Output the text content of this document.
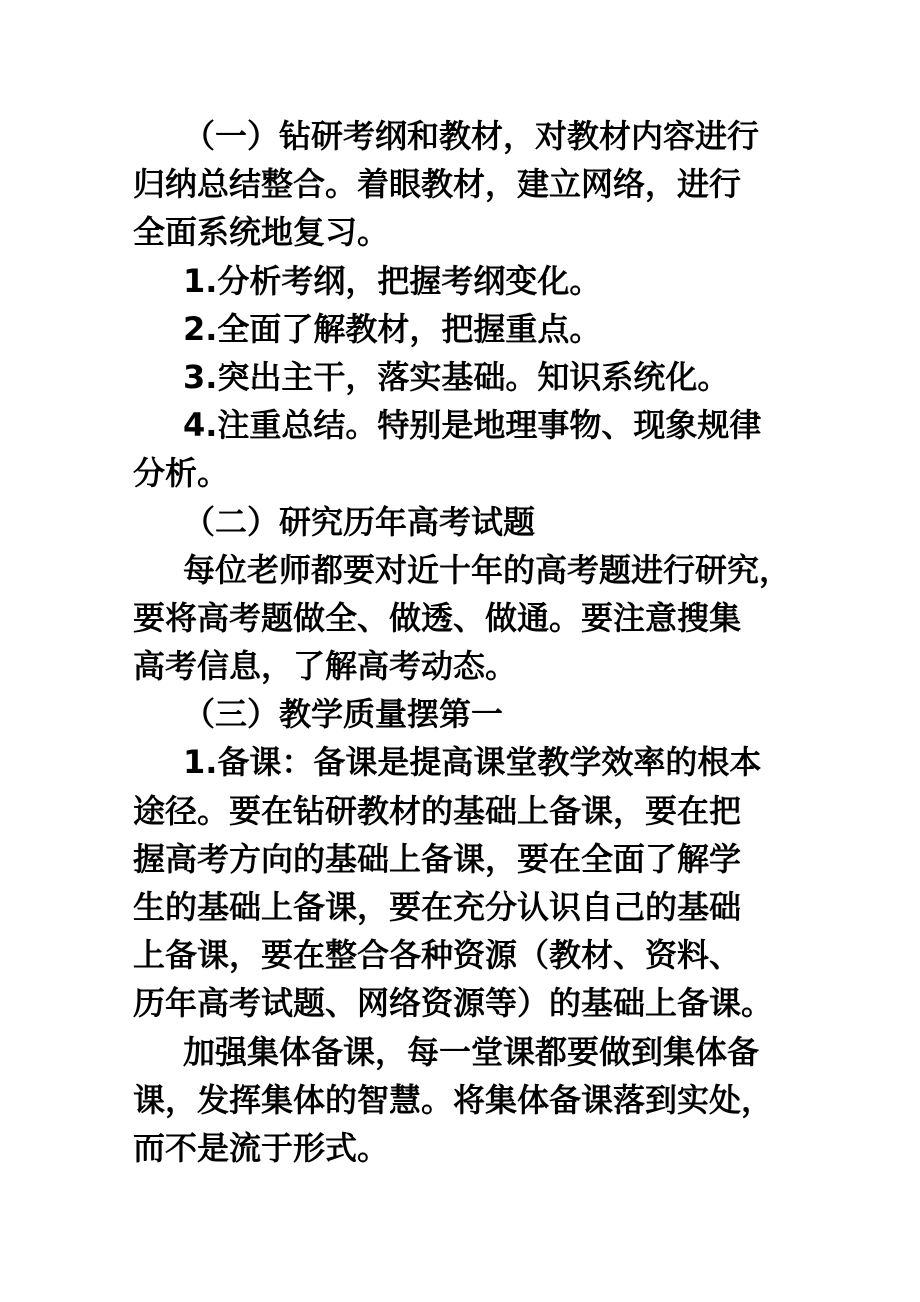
（一）钻研考纲和教材，对教材内容进行
归纳总结整合。着眼教材，建立网络，进行
全面系统地复习。
1.分析考纲，把握考纲变化。
2.全面了解教材，把握重点。
3.突出主干，落实基础。知识系统化。
4.注重总结。特别是地理事物、现象规律
分析。
（二）研究历年高考试题
每位老师都要对近十年的高考题进行研究，
要将高考题做全、做透、做通。要注意搜集
高考信息，了解高考动态。
（三）教学质量摆第一
1.备课：备课是提高课堂教学效率的根本
途径。要在钻研教材的基础上备课，要在把
握高考方向的基础上备课，要在全面了解学
生的基础上备课，要在充分认识自己的基础
上备课，要在整合各种资源（教材、资料、
历年高考试题、网络资源等）的基础上备课。
加强集体备课，每一堂课都要做到集体备
课，发挥集体的智慧。将集体备课落到实处，
而不是流于形式。
